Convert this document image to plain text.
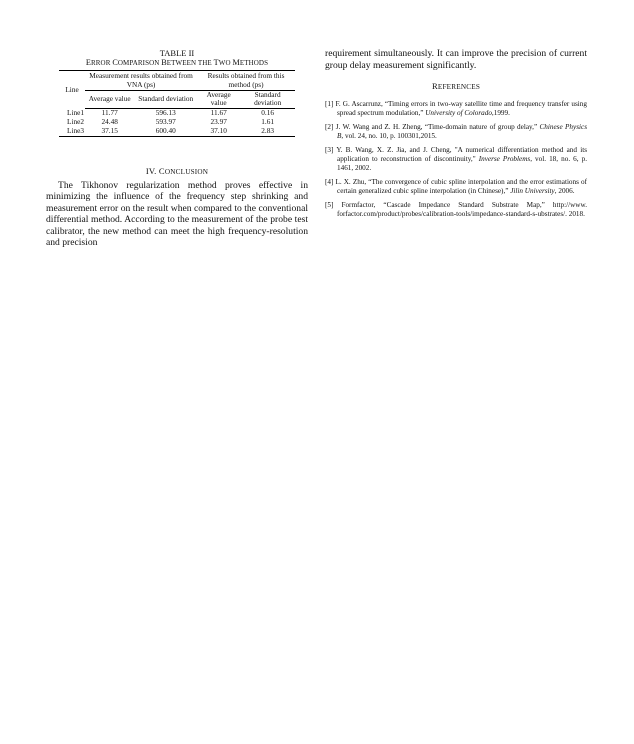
TABLE II
ERROR COMPARISON BETWEEN THE TWO METHODS
Line	Measurement results obtained from VNA (ps)		Results obtained from this method (ps)	
	Average value	Standard deviation	Average value	Standard deviation
Line1	11.77	596.13	11.67	0.16
Line2	24.48	593.97	23.97	1.61
Line3	37.15	600.40	37.10	2.83
IV. CONCLUSION

The Tikhonov regularization method proves effective in minimizing the influence of the frequency step shrinking and measurement error on the result when compared to the conventional differential method. According to the measurement of the probe test calibrator, the new method can meet the high frequency-resolution and precision

requirement simultaneously. It can improve the precision of current group delay measurement significantly.

REFERENCES

[1] F. G. Ascarrunz, “Timing errors in two-way satellite time and frequency transfer using spread spectrum modulation,” University of Colorado,1999.

[2] J. W. Wang and Z. H. Zheng, “Time-domain nature of group delay,” Chinese Physics B, vol. 24, no. 10, p. 100301,2015.

[3] Y. B. Wang, X. Z. Jia, and J. Cheng, "A numerical differentiation method and its application to reconstruction of discontinuity," Inverse Problems, vol. 18, no. 6, p. 1461, 2002.

[4] L. X. Zhu, “The convergence of cubic spline interpolation and the error estimations of certain generalized cubic spline interpolation (in Chinese),” Jilin University, 2006.

[5] Formfactor, “Cascade Impedance Standard Substrate Map,” http://www. forfactor.com/product/probes/calibration-tools/impedance-standard-s-ubstrates/. 2018.
